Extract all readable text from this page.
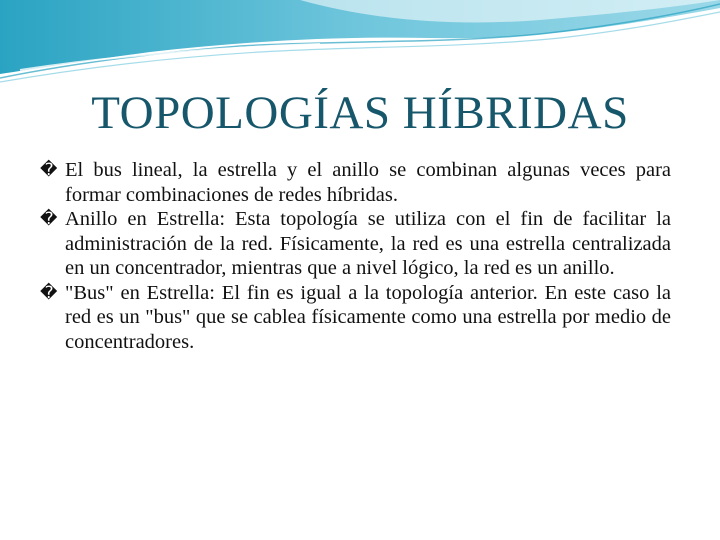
TOPOLOGÍAS HÍBRIDAS

� El bus lineal, la estrella y el anillo se combinan algunas veces para formar combinaciones de redes híbridas.

� Anillo en Estrella: Esta topología se utiliza con el fin de facilitar la administración de la red. Físicamente, la red es una estrella centralizada en un concentrador, mientras que a nivel lógico, la red es un anillo.

� "Bus" en Estrella: El fin es igual a la topología anterior. En este caso la red es un "bus" que se cablea físicamente como una estrella por medio de concentradores.
